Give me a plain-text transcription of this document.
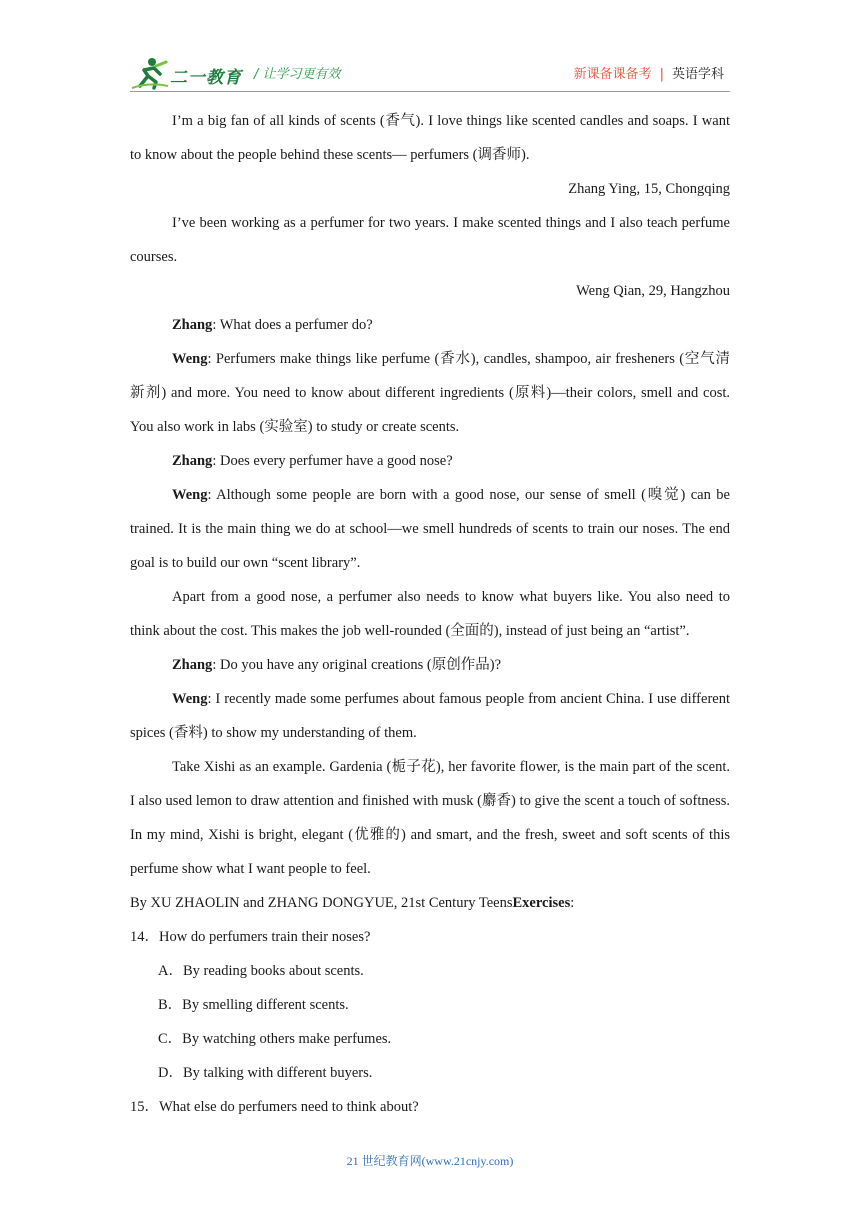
二一教育 / 让学习更有效	新课备课备考 | 英语学科

I’m a big fan of all kinds of scents (香气). I love things like scented candles and soaps. I want to know about the people behind these scents— perfumers (调香师).

Zhang Ying, 15, Chongqing

I’ve been working as a perfumer for two years. I make scented things and I also teach perfume courses.

Weng Qian, 29, Hangzhou

Zhang: What does a perfumer do?

Weng: Perfumers make things like perfume (香水), candles, shampoo, air fresheners (空气清新剂) and more. You need to know about different ingredients (原料)—their colors, smell and cost. You also work in labs (实验室) to study or create scents.

Zhang: Does every perfumer have a good nose?

Weng: Although some people are born with a good nose, our sense of smell (嗅觉) can be trained. It is the main thing we do at school—we smell hundreds of scents to train our noses. The end goal is to build our own “scent library”.

Apart from a good nose, a perfumer also needs to know what buyers like. You also need to think about the cost. This makes the job well-rounded (全面的), instead of just being an “artist”.

Zhang: Do you have any original creations (原创作品)?

Weng: I recently made some perfumes about famous people from ancient China. I use different spices (香料) to show my understanding of them.

Take Xishi as an example. Gardenia (栀子花), her favorite flower, is the main part of the scent. I also used lemon to draw attention and finished with musk (麝香) to give the scent a touch of softness. In my mind, Xishi is bright, elegant (优雅的) and smart, and the fresh, sweet and soft scents of this perfume show what I want people to feel.

By XU ZHAOLIN and ZHANG DONGYUE, 21st Century TeensExercises:

14．How do perfumers train their noses?

A．By reading books about scents.

B．By smelling different scents.

C．By watching others make perfumes.

D．By talking with different buyers.

15．What else do perfumers need to think about?

21 世纪教育网(www.21cnjy.com)
